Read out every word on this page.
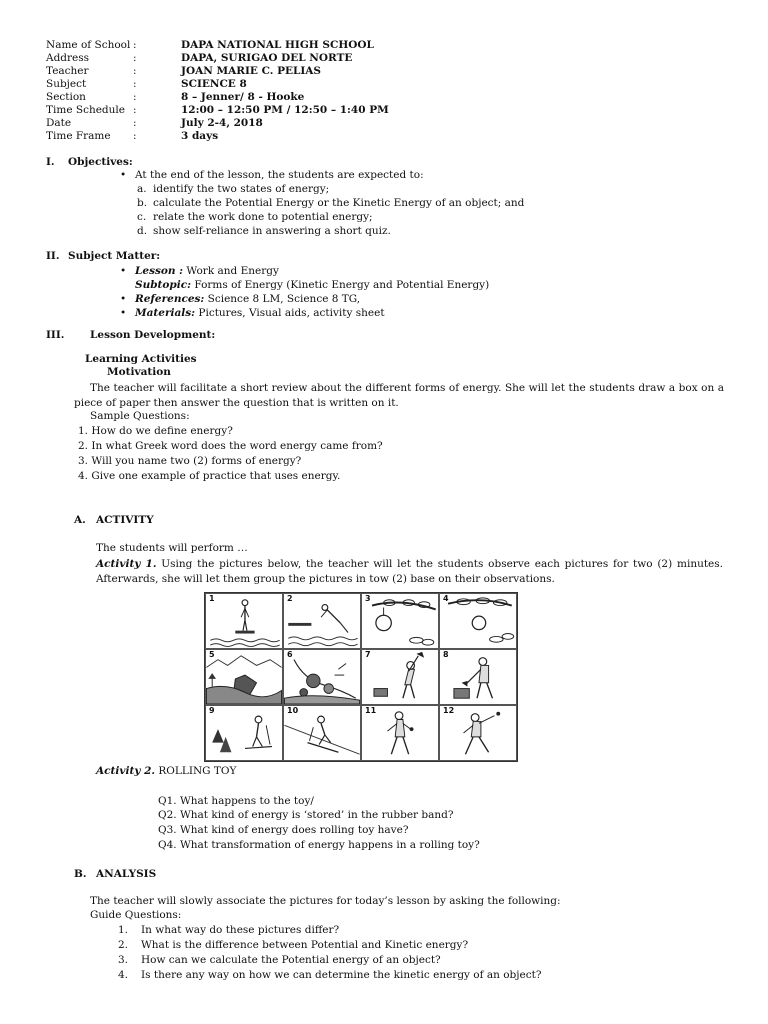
Name of School :	DAPA NATIONAL HIGH SCHOOL
Address	:	DAPA, SURIGAO DEL NORTE
Teacher	:	JOAN MARIE C. PELIAS
Subject	:	SCIENCE 8
Section	:	8 – Jenner/ 8 - Hooke
Time Schedule :	12:00 – 12:50 PM / 12:50 – 1:40 PM
Date	:	July 2-4, 2018
Time Frame :	3 days
I. Objectives:
• At the end of the lesson, the students are expected to:
a. identify the two states of energy;
b. calculate the Potential Energy or the Kinetic Energy of an object; and
c. relate the work done to potential energy;
d. show self-reliance in answering a short quiz.
II. Subject Matter:
• Lesson : Work and Energy
Subtopic: Forms of Energy (Kinetic Energy and Potential Energy)
• References: Science 8 LM, Science 8 TG,
• Materials: Pictures, Visual aids, activity sheet
III. Lesson Development:
Learning Activities
Motivation
The teacher will facilitate a short review about the different forms of energy. She will let the students draw a box on a piece of paper then answer the question that is written on it.
Sample Questions:
1. How do we define energy?
2. In what Greek word does the word energy came from?
3. Will you name two (2) forms of energy?
4. Give one example of practice that uses energy.
A. ACTIVITY
The students will perform …
Activity 1. Using the pictures below, the teacher will let the students observe each pictures for two (2) minutes. Afterwards, she will let them group the pictures in tow (2) base on their observations.
1	2	3	4
5	6	7	8
9	10	11	12
Activity 2. ROLLING TOY
Q1. What happens to the toy/
Q2. What kind of energy is ‘stored’ in the rubber band?
Q3. What kind of energy does rolling toy have?
Q4. What transformation of energy happens in a rolling toy?
B. ANALYSIS
The teacher will slowly associate the pictures for today’s lesson by asking the following:
Guide Questions:
1. In what way do these pictures differ?
2. What is the difference between Potential and Kinetic energy?
3. How can we calculate the Potential energy of an object?
4. Is there any way on how we can determine the kinetic energy of an object?
